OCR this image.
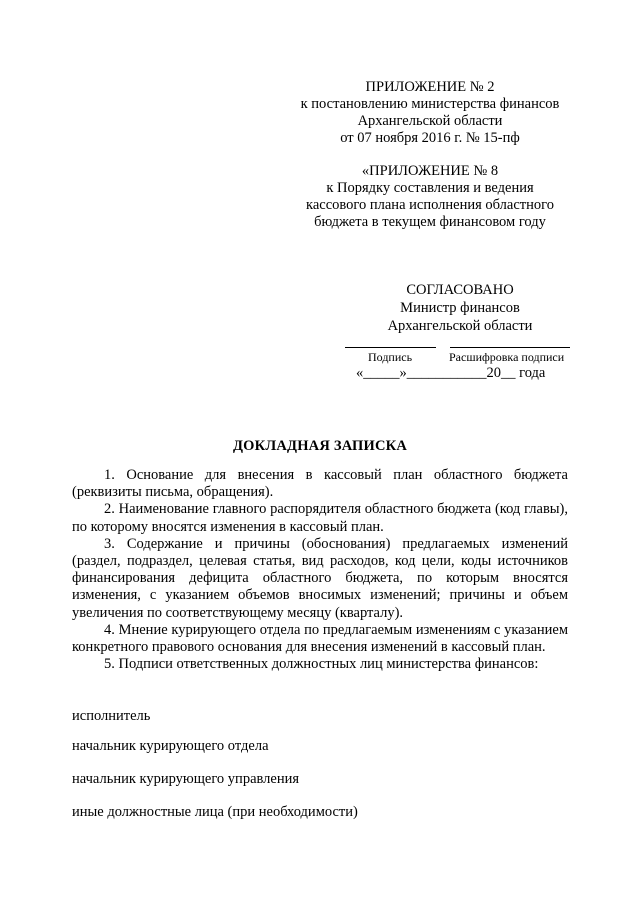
ПРИЛОЖЕНИЕ № 2
к постановлению министерства финансов
Архангельской области
от 07 ноября 2016 г. № 15-пф
«ПРИЛОЖЕНИЕ № 8
к Порядку составления и ведения
кассового плана исполнения областного
бюджета в текущем финансовом году
СОГЛАСОВАНО
Министр финансов
Архангельской области
Подпись	Расшифровка подписи
«_____»___________20__ года
ДОКЛАДНАЯ ЗАПИСКА

1. Основание для внесения в кассовый план областного бюджета (реквизиты письма, обращения).

2. Наименование главного распорядителя областного бюджета (код главы), по которому вносятся изменения в кассовый план.

3. Содержание и причины (обоснования) предлагаемых изменений (раздел, подраздел, целевая статья, вид расходов, код цели, коды источников финансирования дефицита областного бюджета, по которым вносятся изменения, с указанием объемов вносимых изменений; причины и объем увеличения по соответствующему месяцу (кварталу).

4. Мнение курирующего отдела по предлагаемым изменениям с указанием конкретного правового основания для внесения изменений в кассовый план.

5. Подписи ответственных должностных лиц министерства финансов:

исполнитель
начальник курирующего отдела
начальник курирующего управления
иные должностные лица (при необходимости)
